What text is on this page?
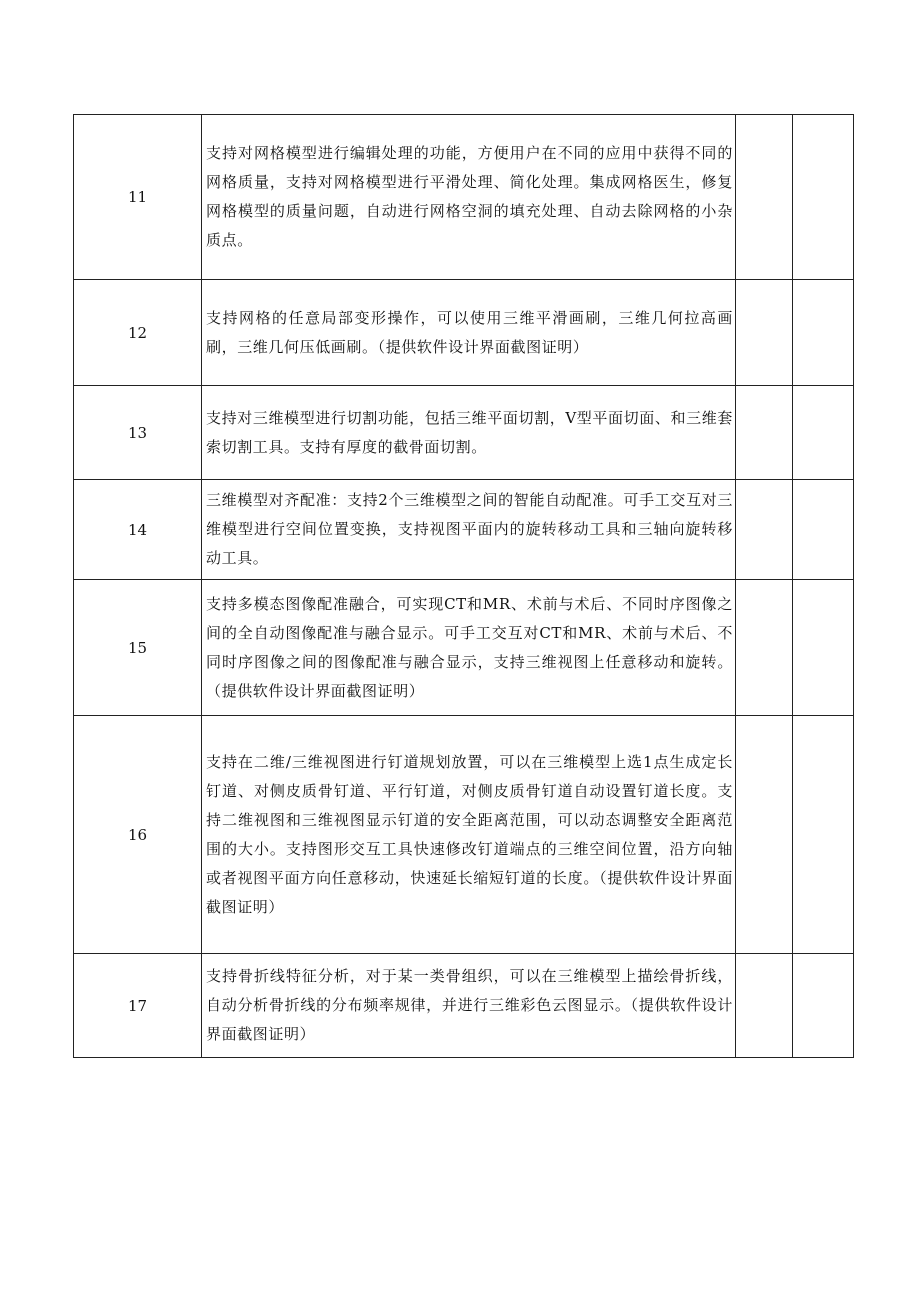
11	支持对网格模型进行编辑处理的功能，方便用户在不同的应用中获得不同的网格质量，支持对网格模型进行平滑处理、简化处理。集成网格医生，修复网格模型的质量问题，自动进行网格空洞的填充处理、自动去除网格的小杂质点。		
12	支持网格的任意局部变形操作，可以使用三维平滑画刷，三维几何拉高画刷，三维几何压低画刷。（提供软件设计界面截图证明）		
13	支持对三维模型进行切割功能，包括三维平面切割，V型平面切面、和三维套索切割工具。支持有厚度的截骨面切割。		
14	三维模型对齐配准：支持2个三维模型之间的智能自动配准。可手工交互对三维模型进行空间位置变换，支持视图平面内的旋转移动工具和三轴向旋转移动工具。		
15	支持多模态图像配准融合，可实现CT和MR、术前与术后、不同时序图像之间的全自动图像配准与融合显示。可手工交互对CT和MR、术前与术后、不同时序图像之间的图像配准与融合显示，支持三维视图上任意移动和旋转。（提供软件设计界面截图证明）		
16	支持在二维/三维视图进行钉道规划放置，可以在三维模型上选1点生成定长钉道、对侧皮质骨钉道、平行钉道，对侧皮质骨钉道自动设置钉道长度。支持二维视图和三维视图显示钉道的安全距离范围，可以动态调整安全距离范围的大小。支持图形交互工具快速修改钉道端点的三维空间位置，沿方向轴或者视图平面方向任意移动，快速延长缩短钉道的长度。（提供软件设计界面截图证明）		
17	支持骨折线特征分析，对于某一类骨组织，可以在三维模型上描绘骨折线，自动分析骨折线的分布频率规律，并进行三维彩色云图显示。（提供软件设计界面截图证明）		
